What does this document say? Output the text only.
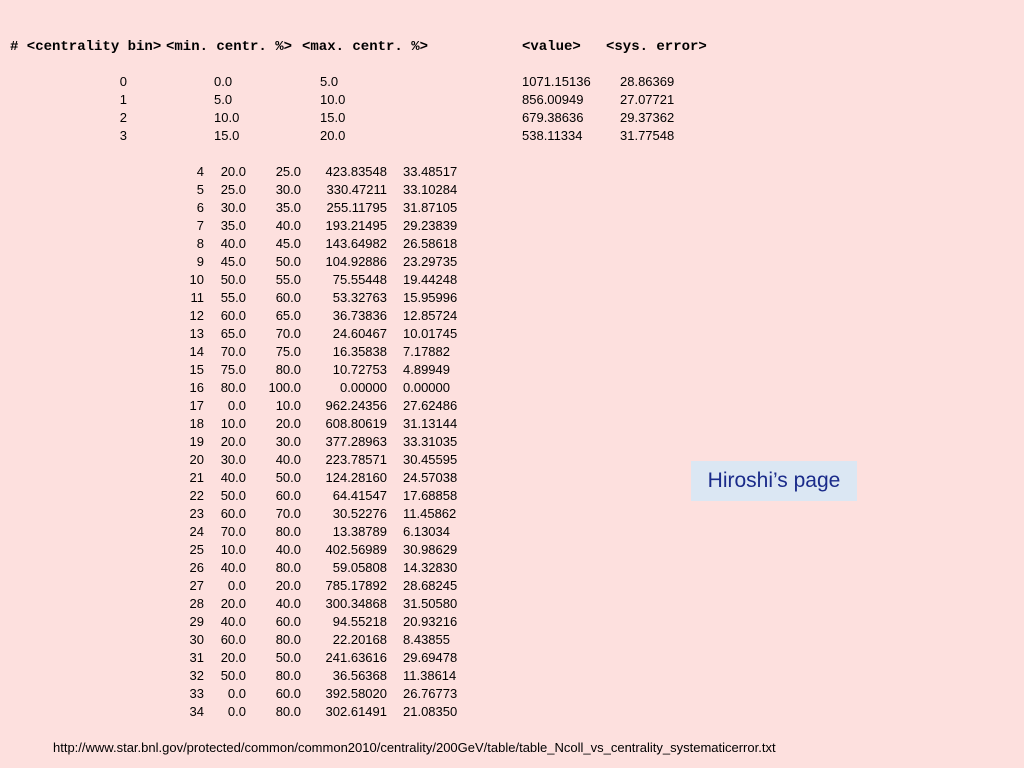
# <centrality bin> <min. centr. %> <max. centr. %>	<value> <sys. error>
0	0.0	5.0	1071.15136 28.86369
1	5.0	10.0	856.00949	27.07721
2	10.0	15.0	679.38636	29.37362
3	15.0	20.0	538.11334	31.77548
4	20.0	25.0	423.83548 33.48517
5	25.0	30.0	330.47211 33.10284
6	30.0	35.0	255.11795 31.87105
7	35.0	40.0	193.21495 29.23839
8	40.0	45.0	143.64982 26.58618
9	45.0	50.0	104.92886 23.29735
10	50.0	55.0	75.55448 19.44248
11	55.0	60.0	53.32763 15.95996
12	60.0	65.0	36.73836 12.85724
13	65.0	70.0	24.60467 10.01745
14	70.0	75.0	16.35838 7.17882
15	75.0	80.0	10.72753 4.89949
16	80.0	100.0	0.00000 0.00000
17	0.0	10.0	962.24356 27.62486
18	10.0	20.0	608.80619 31.13144
19	20.0	30.0	377.28963 33.31035
20	30.0	40.0	223.78571 30.45595
21	40.0	50.0	124.28160 24.57038
22	50.0	60.0	64.41547 17.68858
23	60.0	70.0	30.52276 11.45862
24	70.0	80.0	13.38789 6.13034
25	10.0	40.0	402.56989 30.98629
26	40.0	80.0	59.05808 14.32830
27	0.0	20.0	785.17892 28.68245
28	20.0	40.0	300.34868 31.50580
29	40.0	60.0	94.55218 20.93216
30	60.0	80.0	22.20168 8.43855
31	20.0	50.0	241.63616 29.69478
32	50.0	80.0	36.56368 11.38614
33	0.0	60.0	392.58020 26.76773
34	0.0	80.0	302.61491 21.08350
Hiroshi’s page
http://www.star.bnl.gov/protected/common/common2010/centrality/200GeV/table/table_Ncoll_vs_centrality_systematicerror.txt
